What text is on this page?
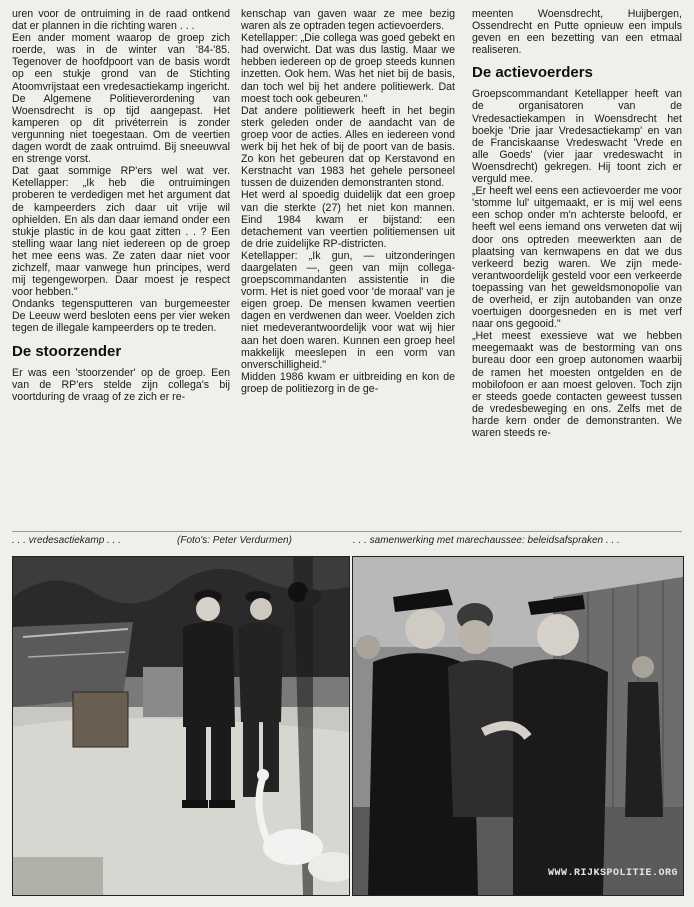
uren voor de ontruiming in de raad ontkend dat er plannen in die richting waren . . .

Een ander moment waarop de groep zich roerde, was in de winter van '84-'85. Tegenover de hoofdpoort van de basis wordt op een stukje grond van de Stichting Atoomvrijstaat een vredesactiekamp ingericht. De Algemene Politieverordening van Woensdrecht is op tijd aangepast. Het kamperen op dit privéterrein is zonder vergunning niet toegestaan. Om de veertien dagen wordt de zaak ontruimd. Bij sneeuwval en strenge vorst.

Dat gaat sommige RP'ers wel wat ver. Ketellapper: „Ik heb die ontruimingen proberen te verdedigen met het argument dat de kampeerders zich daar uit vrije wil ophielden. En als dan daar iemand onder een stukje plastic in de kou gaat zitten . . ? Een stelling waar lang niet iedereen op de groep het mee eens was. Ze zaten daar niet voor zichzelf, maar vanwege hun principes, werd mij tegengeworpen. Daar moest je respect voor hebben."

Ondanks tegensputteren van burgemeester De Leeuw werd besloten eens per vier weken tegen de illegale kampeerders op te treden.

De stoorzender

Er was een 'stoorzender' op de groep. Een van de RP'ers stelde zijn collega's bij voortduring de vraag of ze zich er re-

kenschap van gaven waar ze mee bezig waren als ze optraden tegen actievoerders.

Ketellapper: „Die collega was goed gebekt en had overwicht. Dat was dus lastig. Maar we hebben iedereen op de groep steeds kunnen inzetten. Ook hem. Was het niet bij de basis, dan toch wel bij het andere politiewerk. Dat moest toch ook gebeuren."

Dat andere politiewerk heeft in het begin sterk geleden onder de aandacht van de groep voor de acties. Alles en iedereen vond werk bij het hek of bij de poort van de basis. Zo kon het gebeuren dat op Kerstavond en Kerstnacht van 1983 het gehele personeel tussen de duizenden demonstranten stond.

Het werd al spoedig duidelijk dat een groep van die sterkte (27) het niet kon mannen. Eind 1984 kwam er bijstand: een detachement van veertien politiemensen uit de drie zuidelijke RP-districten.

Ketellapper: „Ik gun, — uitzonderingen daargelaten —, geen van mijn collega-groepscommandanten assistentie in die vorm. Het is niet goed voor 'de moraal' van je eigen groep. De mensen kwamen veertien dagen en verdwenen dan weer. Voelden zich niet medeverantwoordelijk voor wat wij hier aan het doen waren. Kunnen een groep heel makkelijk meeslepen in een vorm van onverschilligheid."

Midden 1986 kwam er uitbreiding en kon de groep de politiezorg in de ge-

meenten Woensdrecht, Huijbergen, Ossendrecht en Putte opnieuw een impuls geven en een bezetting van een etmaal realiseren.

De actievoerders

Groepscommandant Ketellapper heeft van de organisatoren van de Vredesactiekampen in Woensdrecht het boekje 'Drie jaar Vredesactiekamp' en van de Franciskaanse Vredeswacht 'Vrede en alle Goeds' (vier jaar vredeswacht in Woensdrecht) gekregen. Hij toont zich er verguld mee.

„Er heeft wel eens een actievoerder me voor 'stomme lul' uitgemaakt, er is mij wel eens een schop onder m'n achterste beloofd, er heeft wel eens iemand ons verweten dat wij door ons optreden meewerkten aan de plaatsing van kernwapens en dat we dus verkeerd bezig waren. We zijn mede-verantwoordelijk gesteld voor een verkeerde toepassing van het geweldsmonopolie van de overheid, er zijn autobanden van onze voertuigen doorgesneden en is met verf naar ons gegooid."

„Het meest exessieve wat we hebben meegemaakt was de bestorming van ons bureau door een groep autonomen waarbij de ramen het moesten ontgelden en de mobilofoon er aan moest geloven. Toch zijn er steeds goede contacten geweest tussen de vredesbeweging en ons. Zelfs met de harde kern onder de demonstranten. We waren steeds re-

. . . vredesactiekamp . . .	(Foto's: Peter Verdurmen)	. . . samenwerking met marechaussee: beleidsafspraken . . .
WWW.RIJKSPOLITIE.ORG
